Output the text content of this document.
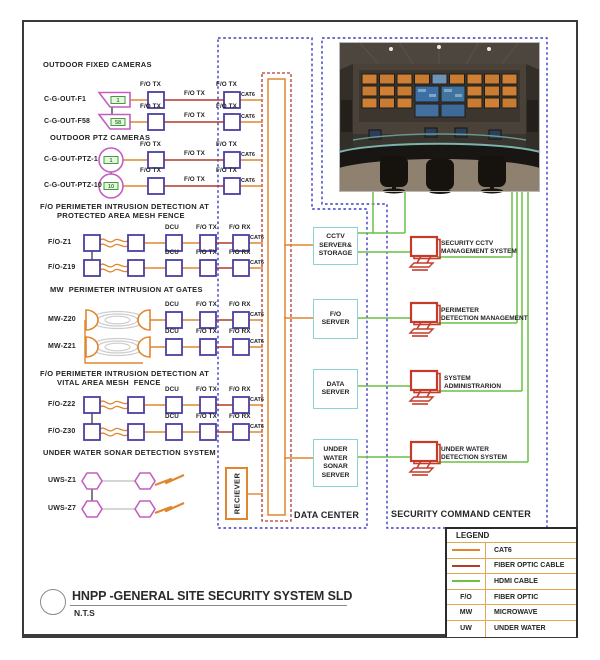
1
58
1
10
OUTDOOR FIXED CAMERAS
OUTDOOR PTZ CAMERAS
F/O PERIMETER INTRUSION DETECTION AT
PROTECTED AREA MESH FENCE
MW  PERIMETER INTRUSION AT GATES
F/O PERIMETER INTRUSION DETECTION AT
VITAL AREA MESH  FENCE
UNDER WATER SONAR DETECTION SYSTEM
C-G-OUT-F1
C-G-OUT-F58
C-G-OUT-PTZ-1
C-G-OUT-PTZ-10
F/O-Z1
F/O-Z19
MW-Z20
MW-Z21
F/O-Z22
F/O-Z30
UWS-Z1
UWS-Z7
F/O TX
F/O TX
F/O TX
CAT6
F/O TX
F/O TX
F/O TX
CAT6
F/O TX
F/O TX
F/O TX
CAT6
F/O TX
F/O TX
F/O TX
CAT6
DCU	F/O TX F/O RX
CAT6
DCU	F/O TX F/O RX
CAT6
DCU	F/O TX F/O RX
CAT6
DCU	F/O TX F/O RX
CAT6
DCU	F/O TX F/O RX
CAT6
DCU	F/O TX F/O RX
CAT6
RECIEVER
CCTV
SERVER&
STORAGE
F/O
SERVER
DATA
SERVER
UNDER
WATER
SONAR
SERVER
SECURITY CCTV
MANAGEMENT SYSTEM
PERIMETER
DETECTION MANAGEMENT
SYSTEM
ADMINISTRARION
UNDER WATER
DETECTION SYSTEM
DATA CENTER	SECURITY COMMAND CENTER
LEGEND
CAT6
FIBER OPTIC CABLE
HDMI CABLE
F/O	FIBER OPTIC
MW	MICROWAVE
UW	UNDER WATER
HNPP -GENERAL SITE SECURITY SYSTEM SLD
N.T.S
